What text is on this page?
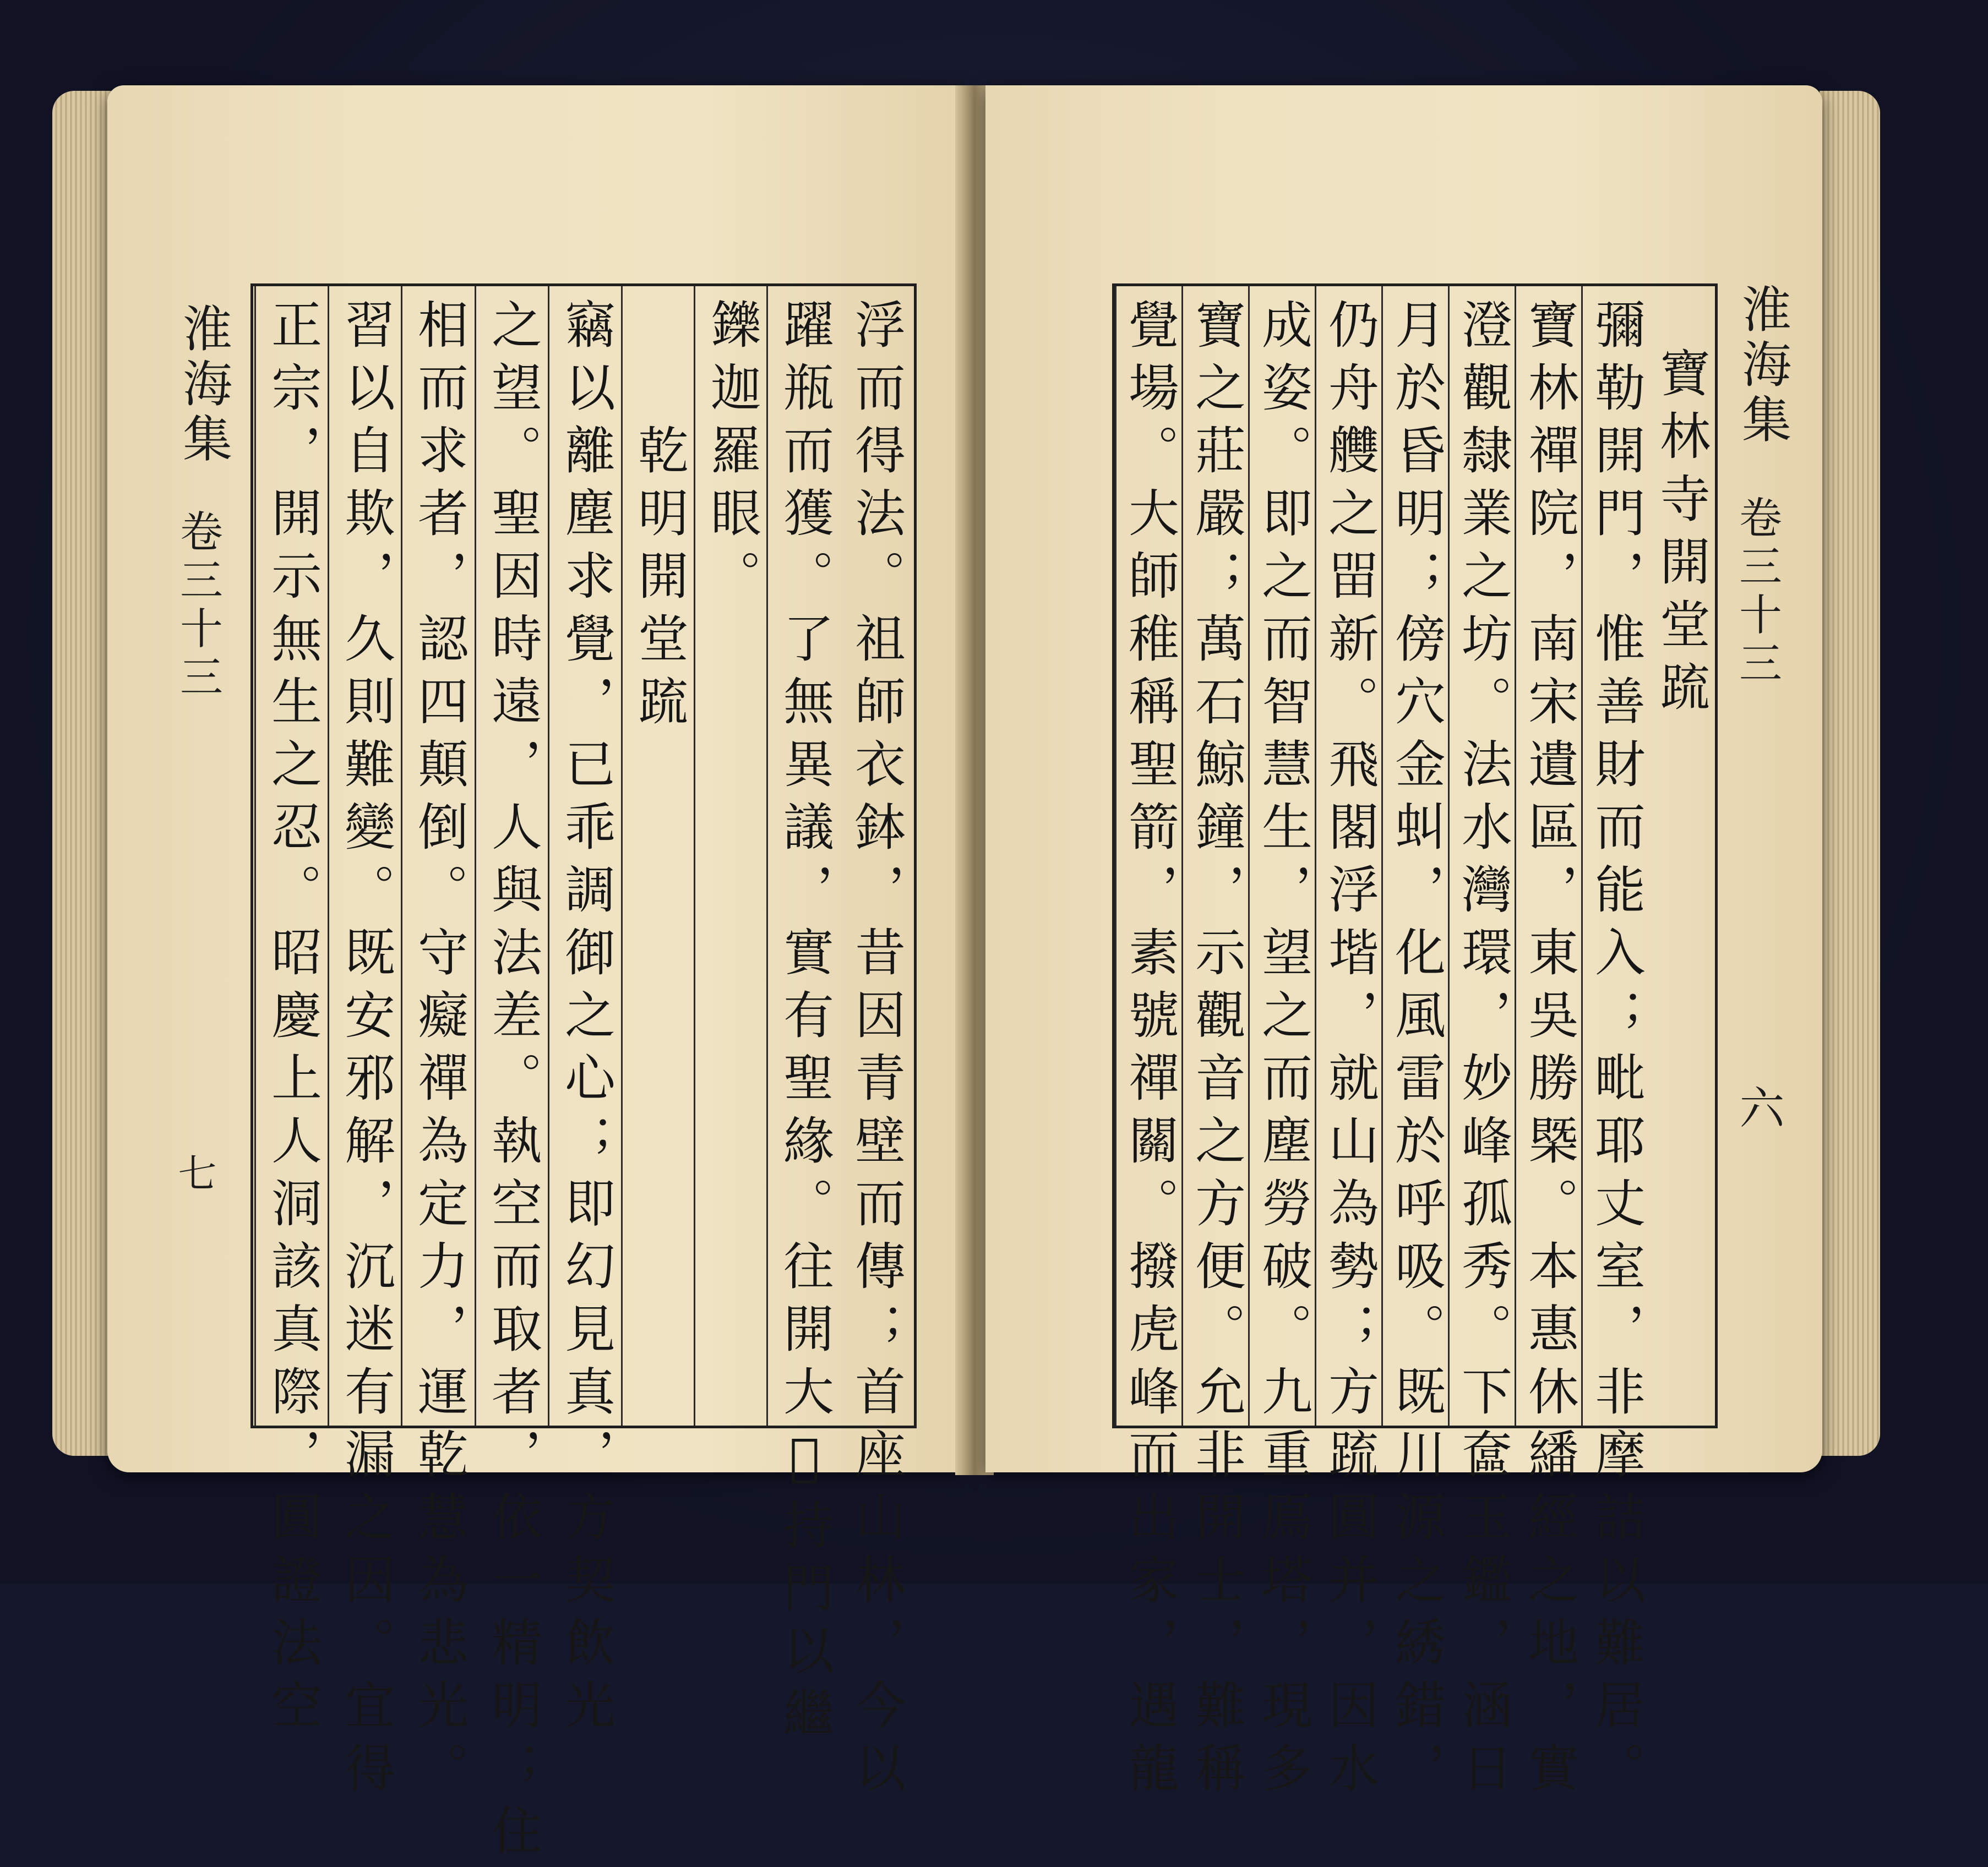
淮海集
卷三十三
七
　	浮而得法。祖師衣鉢，昔因青壁而傳；首座山林，今以
躍瓶而獲。了無異議，實有聖緣。往開大𢛸持門以繼
鑠迦羅眼。
乾明開堂䟽
竊以離塵求覺，已乖調御之心；即幻見真，方契飲光
之望。聖因時遠，人與法差。執空而取者，依一精明；住
相而求者，認四顛倒。守癡禪為定力，運乾慧為悲光。
習以自欺，久則難變。既安邪解，沉迷有漏之因。宜得
正宗，開示無生之忍。昭慶上人洞該真際，圓證法空	淮海集
卷三十三
六
寶林寺開堂䟽
彌勒開門，惟善財而能入；毗耶丈室，非摩詰以難居。
寶林禪院，南宋遺區，東吳勝槩。本惠休繙經之地，實
澄觀隸業之坊。法水灣環，妙峰孤秀。下奩玉鑑，涵日
月於昏明；傍穴金虯，化風雷於呼吸。既川源之綉錯，
仍舟艭之㽞新。飛閣浮堦，就山為勢；方䟽圓并，因水
成姿。即之而智慧生，望之而塵勞破。九重鳫塔，現多
寶之莊嚴；萬石鯨鐘，示觀音之方便。允非開士，難稱
覺場。大師稚稱聖箭，素號禪關。撥虎峰而出家，遇龍
